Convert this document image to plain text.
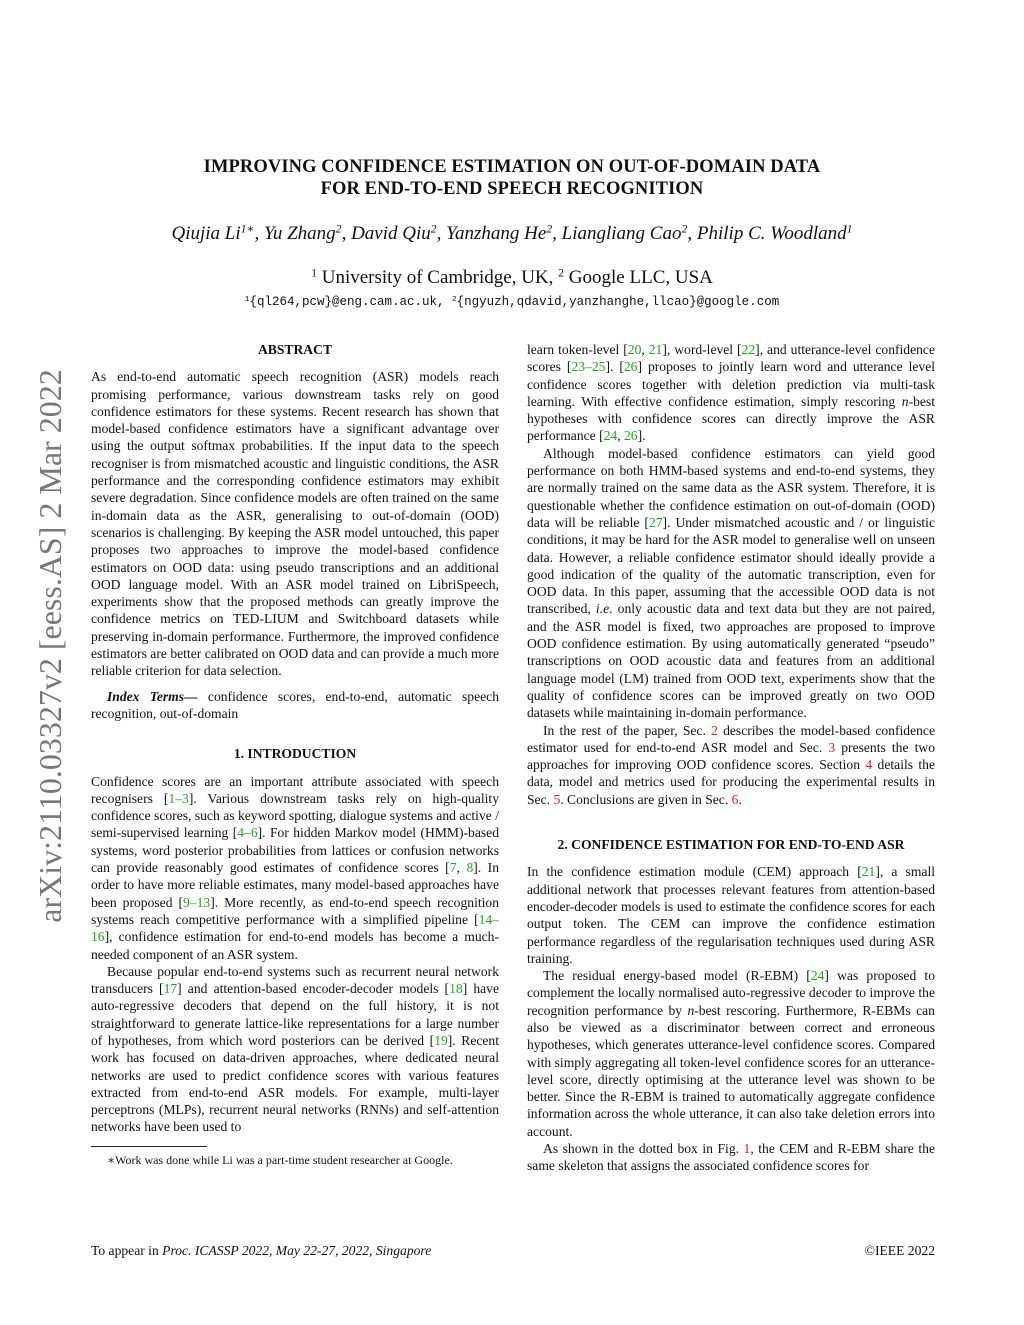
arXiv:2110.03327v2 [eess.AS] 2 Mar 2022
IMPROVING CONFIDENCE ESTIMATION ON OUT-OF-DOMAIN DATA
FOR END-TO-END SPEECH RECOGNITION
Qiujia $Li^{1∗}$, Yu Zhang$^2$, David Qiu$^2$, Yanzhang He$^2$, Liangliang Cao$^2$, Philip C. Woodland$^1$
$^1$ University of Cambridge, UK, $^2$ Google LLC, USA
$^1${ql264,pcw}@eng.cam.ac.uk, $^2${ngyuzh,qdavid,yanzhanghe,llcao}@google.com

ABSTRACT

As end-to-end automatic speech recognition (ASR) models reach promising performance, various downstream tasks rely on good confidence estimators for these systems. Recent research has shown that model-based confidence estimators have a significant advantage over using the output softmax probabilities. If the input data to the speech recogniser is from mismatched acoustic and linguistic conditions, the ASR performance and the corresponding confidence estimators may exhibit severe degradation. Since confidence models are often trained on the same in-domain data as the ASR, generalising to out-of-domain (OOD) scenarios is challenging. By keeping the ASR model untouched, this paper proposes two approaches to improve the model-based confidence estimators on OOD data: using pseudo transcriptions and an additional OOD language model. With an ASR model trained on LibriSpeech, experiments show that the proposed methods can greatly improve the confidence metrics on TED-LIUM and Switchboard datasets while preserving in-domain performance. Furthermore, the improved confidence estimators are better calibrated on OOD data and can provide a much more reliable criterion for data selection.

Index Terms— confidence scores, end-to-end, automatic speech recognition, out-of-domain

1. INTRODUCTION

Confidence scores are an important attribute associated with speech recognisers [1–3]. Various downstream tasks rely on high-quality confidence scores, such as keyword spotting, dialogue systems and active / semi-supervised learning [4–6]. For hidden Markov model (HMM)-based systems, word posterior probabilities from lattices or confusion networks can provide reasonably good estimates of confidence scores [7, 8]. In order to have more reliable estimates, many model-based approaches have been proposed [9–13]. More recently, as end-to-end speech recognition systems reach competitive performance with a simplified pipeline [14–16], confidence estimation for end-to-end models has become a much-needed component of an ASR system.

Because popular end-to-end systems such as recurrent neural network transducers [17] and attention-based encoder-decoder models [18] have auto-regressive decoders that depend on the full history, it is not straightforward to generate lattice-like representations for a large number of hypotheses, from which word posteriors can be derived [19]. Recent work has focused on data-driven approaches, where dedicated neural networks are used to predict confidence scores with various features extracted from end-to-end ASR models. For example, multi-layer perceptrons (MLPs), recurrent neural networks (RNNs) and self-attention networks have been used to

∗Work was done while Li was a part-time student researcher at Google.

learn token-level [20, 21], word-level [22], and utterance-level confidence scores [23–25]. [26] proposes to jointly learn word and utterance level confidence scores together with deletion prediction via multi-task learning. With effective confidence estimation, simply rescoring n-best hypotheses with confidence scores can directly improve the ASR performance [24, 26].

Although model-based confidence estimators can yield good performance on both HMM-based systems and end-to-end systems, they are normally trained on the same data as the ASR system. Therefore, it is questionable whether the confidence estimation on out-of-domain (OOD) data will be reliable [27]. Under mismatched acoustic and / or linguistic conditions, it may be hard for the ASR model to generalise well on unseen data. However, a reliable confidence estimator should ideally provide a good indication of the quality of the automatic transcription, even for OOD data. In this paper, assuming that the accessible OOD data is not transcribed, i.e. only acoustic data and text data but they are not paired, and the ASR model is fixed, two approaches are proposed to improve OOD confidence estimation. By using automatically generated “pseudo” transcriptions on OOD acoustic data and features from an additional language model (LM) trained from OOD text, experiments show that the quality of confidence scores can be improved greatly on two OOD datasets while maintaining in-domain performance.

In the rest of the paper, Sec. 2 describes the model-based confidence estimator used for end-to-end ASR model and Sec. 3 presents the two approaches for improving OOD confidence scores. Section 4 details the data, model and metrics used for producing the experimental results in Sec. 5. Conclusions are given in Sec. 6.

2. CONFIDENCE ESTIMATION FOR END-TO-END ASR

In the confidence estimation module (CEM) approach [21], a small additional network that processes relevant features from attention-based encoder-decoder models is used to estimate the confidence scores for each output token. The CEM can improve the confidence estimation performance regardless of the regularisation techniques used during ASR training.

The residual energy-based model (R-EBM) [24] was proposed to complement the locally normalised auto-regressive decoder to improve the recognition performance by n-best rescoring. Furthermore, R-EBMs can also be viewed as a discriminator between correct and erroneous hypotheses, which generates utterance-level confidence scores. Compared with simply aggregating all token-level confidence scores for an utterance-level score, directly optimising at the utterance level was shown to be better. Since the R-EBM is trained to automatically aggregate confidence information across the whole utterance, it can also take deletion errors into account.

As shown in the dotted box in Fig. 1, the CEM and R-EBM share the same skeleton that assigns the associated confidence scores for

To appear in Proc. ICASSP 2022, May 22-27, 2022, Singapore	©IEEE 2022
